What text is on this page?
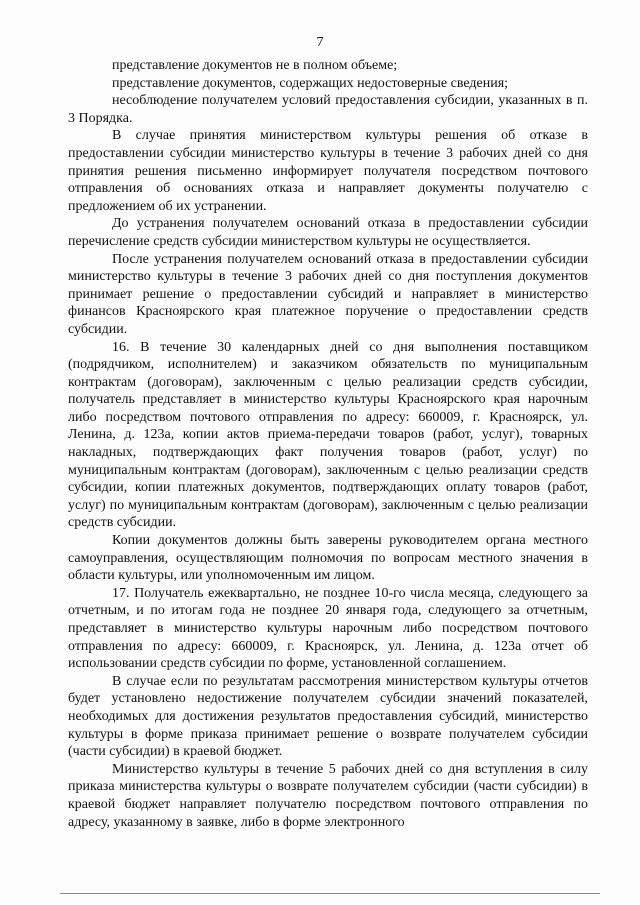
7

представление документов не в полном объеме;

представление документов, содержащих недостоверные сведения;

несоблюдение получателем условий предоставления субсидии, указанных в п. 3 Порядка.

В случае принятия министерством культуры решения об отказе в предоставлении субсидии министерство культуры в течение 3 рабочих дней со дня принятия решения письменно информирует получателя посредством почтового отправления об основаниях отказа и направляет документы получателю с предложением об их устранении.

До устранения получателем оснований отказа в предоставлении субсидии перечисление средств субсидии министерством культуры не осуществляется.

После устранения получателем оснований отказа в предоставлении субсидии министерство культуры в течение 3 рабочих дней со дня поступления документов принимает решение о предоставлении субсидий и направляет в министерство финансов Красноярского края платежное поручение о предоставлении средств субсидии.

16. В течение 30 календарных дней со дня выполнения поставщиком (подрядчиком, исполнителем) и заказчиком обязательств по муниципальным контрактам (договорам), заключенным с целью реализации средств субсидии, получатель представляет в министерство культуры Красноярского края нарочным либо посредством почтового отправления по адресу: 660009, г. Красноярск, ул. Ленина, д. 123а, копии актов приема-передачи товаров (работ, услуг), товарных накладных, подтверждающих факт получения товаров (работ, услуг) по муниципальным контрактам (договорам), заключенным с целью реализации средств субсидии, копии платежных документов, подтверждающих оплату товаров (работ, услуг) по муниципальным контрактам (договорам), заключенным с целью реализации средств субсидии.

Копии документов должны быть заверены руководителем органа местного самоуправления, осуществляющим полномочия по вопросам местного значения в области культуры, или уполномоченным им лицом.

17. Получатель ежеквартально, не позднее 10-го числа месяца, следующего за отчетным, и по итогам года не позднее 20 января года, следующего за отчетным, представляет в министерство культуры нарочным либо посредством почтового отправления по адресу: 660009, г. Красноярск, ул. Ленина, д. 123а отчет об использовании средств субсидии по форме, установленной соглашением.

В случае если по результатам рассмотрения министерством культуры отчетов будет установлено недостижение получателем субсидии значений показателей, необходимых для достижения результатов предоставления субсидий, министерство культуры в форме приказа принимает решение о возврате получателем субсидии (части субсидии) в краевой бюджет.

Министерство культуры в течение 5 рабочих дней со дня вступления в силу приказа министерства культуры о возврате получателем субсидии (части субсидии) в краевой бюджет направляет получателю посредством почтового отправления по адресу, указанному в заявке, либо в форме электронного
